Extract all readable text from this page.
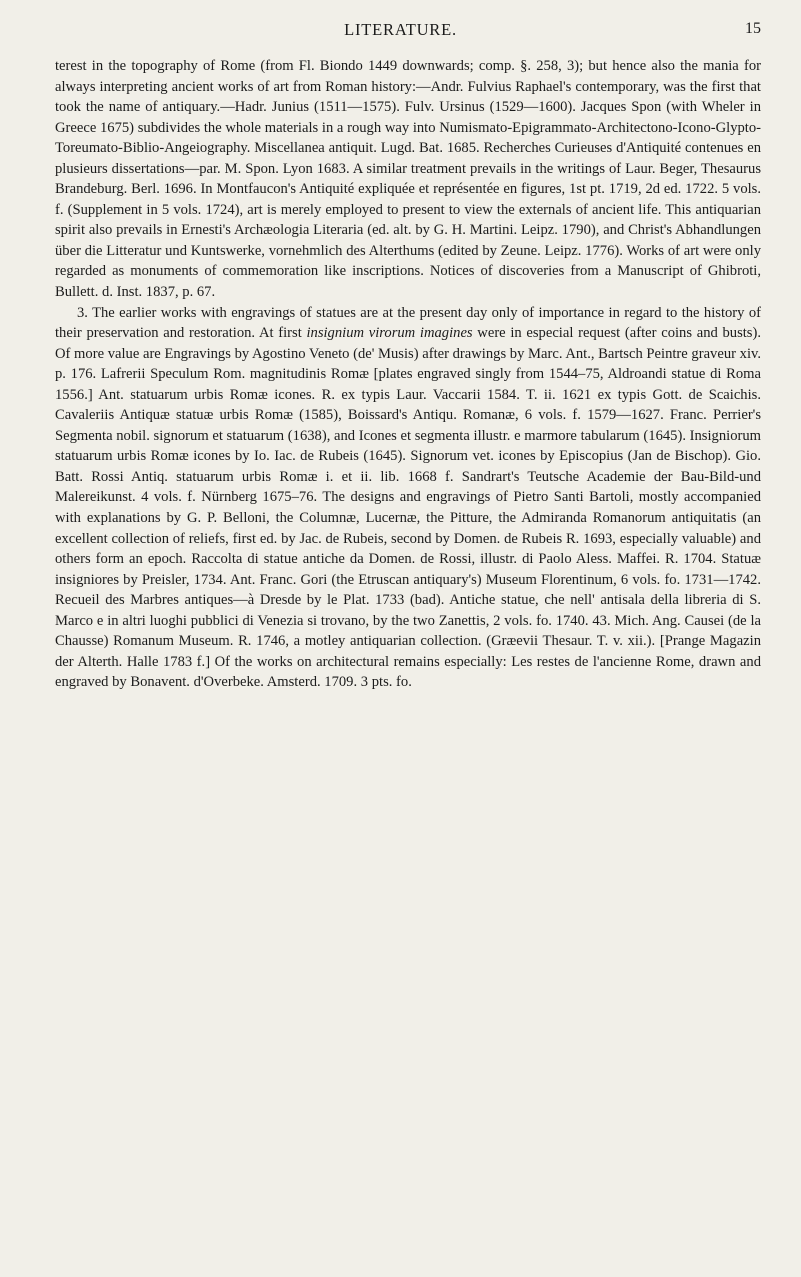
LITERATURE.	15

terest in the topography of Rome (from Fl. Biondo 1449 downwards; comp. §. 258, 3); but hence also the mania for always interpreting ancient works of art from Roman history:—Andr. Fulvius Raphael's contemporary, was the first that took the name of antiquary.—Hadr. Junius (1511—1575). Fulv. Ursinus (1529—1600). Jacques Spon (with Wheler in Greece 1675) subdivides the whole materials in a rough way into Numismato-Epigrammato-Architectono-Icono-Glypto-Toreumato-Biblio-Angeiography. Miscellanea antiquit. Lugd. Bat. 1685. Recherches Curieuses d'Antiquité contenues en plusieurs dissertations—par. M. Spon. Lyon 1683. A similar treatment prevails in the writings of Laur. Beger, Thesaurus Brandeburg. Berl. 1696. In Montfaucon's Antiquité expliquée et représentée en figures, 1st pt. 1719, 2d ed. 1722. 5 vols. f. (Supplement in 5 vols. 1724), art is merely employed to present to view the externals of ancient life. This antiquarian spirit also prevails in Ernesti's Archæologia Literaria (ed. alt. by G. H. Martini. Leipz. 1790), and Christ's Abhandlungen über die Litteratur und Kuntswerke, vornehmlich des Alterthums (edited by Zeune. Leipz. 1776). Works of art were only regarded as monuments of commemoration like inscriptions. Notices of discoveries from a Manuscript of Ghibroti, Bullett. d. Inst. 1837, p. 67.

3. The earlier works with engravings of statues are at the present day only of importance in regard to the history of their preservation and restoration. At first insignium virorum imagines were in especial request (after coins and busts). Of more value are Engravings by Agostino Veneto (de' Musis) after drawings by Marc. Ant., Bartsch Peintre graveur xiv. p. 176. Lafrerii Speculum Rom. magnitudinis Romæ [plates engraved singly from 1544–75, Aldroandi statue di Roma 1556.] Ant. statuarum urbis Romæ icones. R. ex typis Laur. Vaccarii 1584. T. ii. 1621 ex typis Gott. de Scaichis. Cavaleriis Antiquæ statuæ urbis Romæ (1585), Boissard's Antiqu. Romanæ, 6 vols. f. 1579—1627. Franc. Perrier's Segmenta nobil. signorum et statuarum (1638), and Icones et segmenta illustr. e marmore tabularum (1645). Insigniorum statuarum urbis Romæ icones by Io. Iac. de Rubeis (1645). Signorum vet. icones by Episcopius (Jan de Bischop). Gio. Batt. Rossi Antiq. statuarum urbis Romæ i. et ii. lib. 1668 f. Sandrart's Teutsche Academie der Bau-Bild-und Malereikunst. 4 vols. f. Nürnberg 1675–76. The designs and engravings of Pietro Santi Bartoli, mostly accompanied with explanations by G. P. Belloni, the Columnæ, Lucernæ, the Pitture, the Admiranda Romanorum antiquitatis (an excellent collection of reliefs, first ed. by Jac. de Rubeis, second by Domen. de Rubeis R. 1693, especially valuable) and others form an epoch. Raccolta di statue antiche da Domen. de Rossi, illustr. di Paolo Aless. Maffei. R. 1704. Statuæ insigniores by Preisler, 1734. Ant. Franc. Gori (the Etruscan antiquary's) Museum Florentinum, 6 vols. fo. 1731—1742. Recueil des Marbres antiques—à Dresde by le Plat. 1733 (bad). Antiche statue, che nell' antisala della libreria di S. Marco e in altri luoghi pubblici di Venezia si trovano, by the two Zanettis, 2 vols. fo. 1740. 43. Mich. Ang. Causei (de la Chausse) Romanum Museum. R. 1746, a motley antiquarian collection. (Græevii Thesaur. T. v. xii.). [Prange Magazin der Alterth. Halle 1783 f.] Of the works on architectural remains especially: Les restes de l'ancienne Rome, drawn and engraved by Bonavent. d'Overbeke. Amsterd. 1709. 3 pts. fo.
